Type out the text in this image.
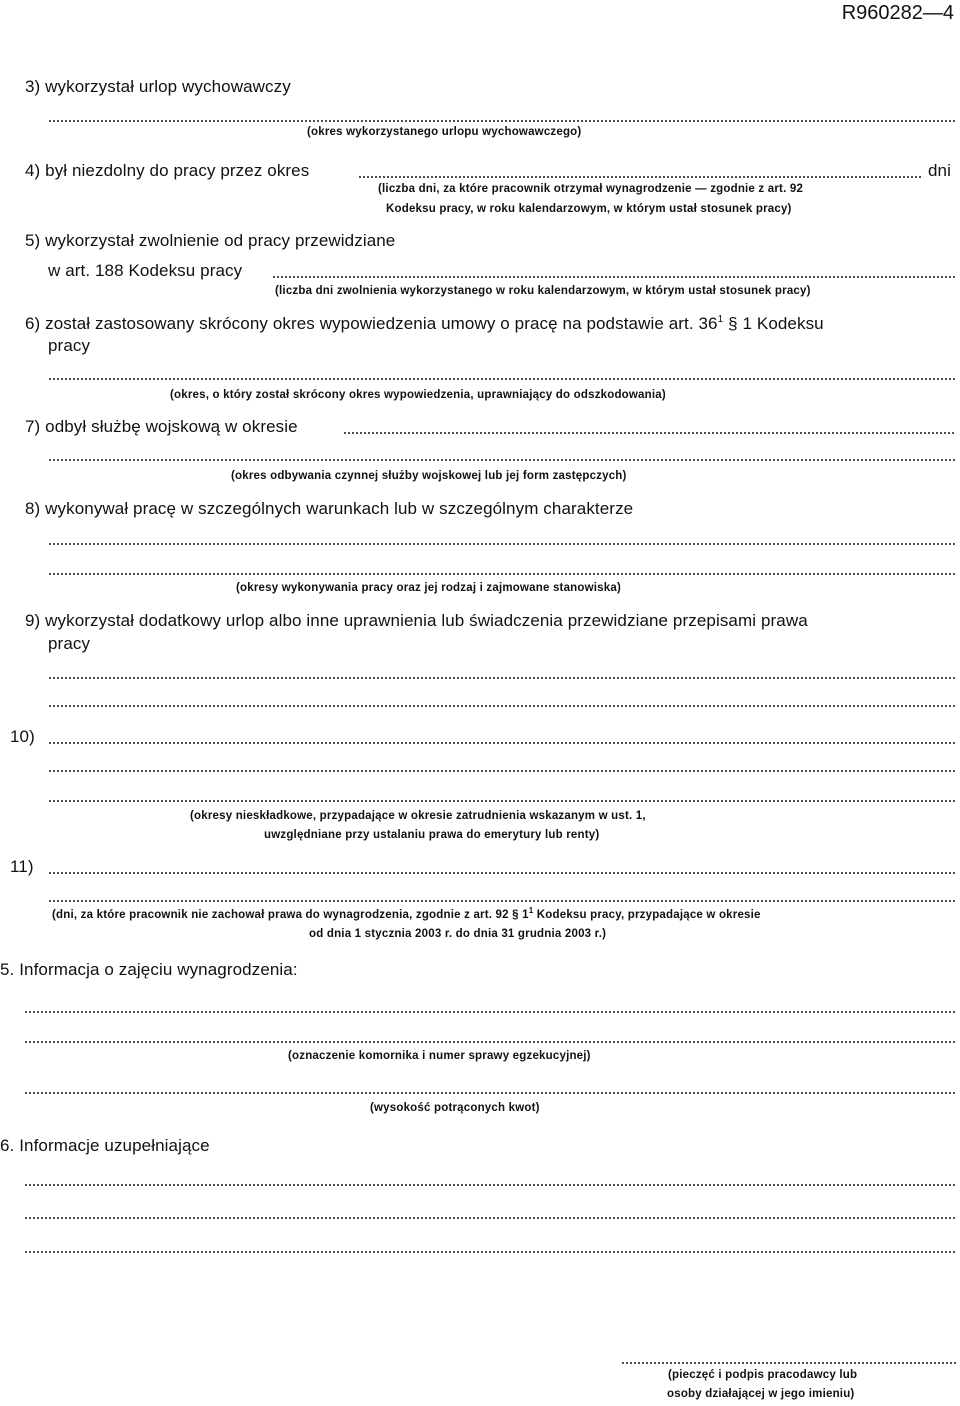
R960282—4
3) wykorzystał urlop wychowawczy
(okres wykorzystanego urlopu wychowawczego)
4) był niezdolny do pracy przez okres	dni
(liczba dni, za które pracownik otrzymał wynagrodzenie — zgodnie z art. 92
Kodeksu pracy, w roku kalendarzowym, w którym ustał stosunek pracy)
5) wykorzystał zwolnienie od pracy przewidziane
w art. 188 Kodeksu pracy
(liczba dni zwolnienia wykorzystanego w roku kalendarzowym, w którym ustał stosunek pracy)
6) został zastosowany skrócony okres wypowiedzenia umowy o pracę na podstawie art. $36^1$ § 1 Kodeksu
pracy
(okres, o który został skrócony okres wypowiedzenia, uprawniający do odszkodowania)
7) odbył służbę wojskową w okresie
(okres odbywania czynnej służby wojskowej lub jej form zastępczych)
8) wykonywał pracę w szczególnych warunkach lub w szczególnym charakterze
(okresy wykonywania pracy oraz jej rodzaj i zajmowane stanowiska)
9) wykorzystał dodatkowy urlop albo inne uprawnienia lub świadczenia przewidziane przepisami prawa
pracy
10)
(okresy nieskładkowe, przypadające w okresie zatrudnienia wskazanym w ust. 1,
uwzględniane przy ustalaniu prawa do emerytury lub renty)
11)
(dni, za które pracownik nie zachował prawa do wynagrodzenia, zgodnie z art. 92 § $1^1$ Kodeksu pracy, przypadające w okresie
od dnia 1 stycznia 2003 r. do dnia 31 grudnia 2003 r.)
5. Informacja o zajęciu wynagrodzenia:
(oznaczenie komornika i numer sprawy egzekucyjnej)
(wysokość potrąconych kwot)
6. Informacje uzupełniające
(pieczęć i podpis pracodawcy lub
osoby działającej w jego imieniu)
